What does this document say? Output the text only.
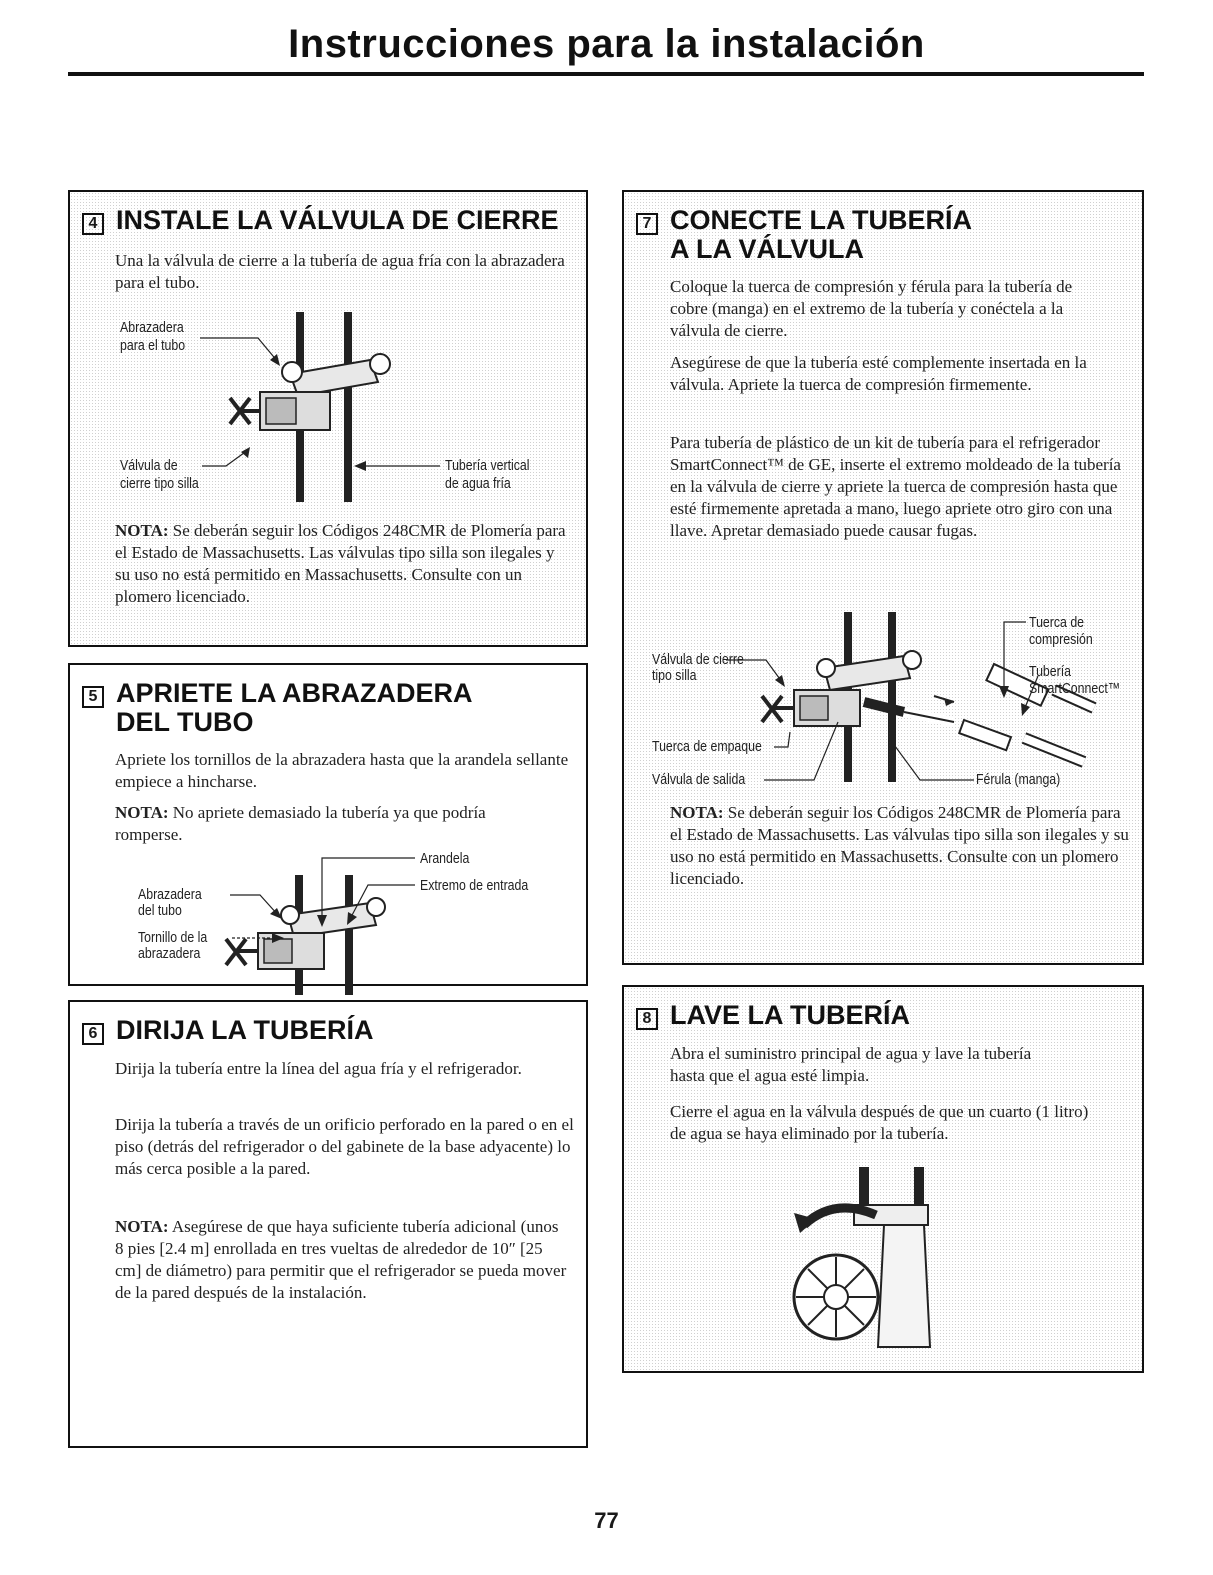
Instrucciones para la instalación
4 INSTALE LA VÁLVULA DE CIERRE

Una la válvula de cierre a la tubería de agua fría con la abrazadera para el tubo.

Abrazadera
para el tubo
Válvula de
cierre tipo silla
Tubería vertical
de agua fría

NOTA: Se deberán seguir los Códigos 248CMR de Plomería para el Estado de Massachusetts. Las válvulas tipo silla son ilegales y su uso no está permitido en Massachusetts. Consulte con un plomero licenciado.

5 APRIETE LA ABRAZADERA
DEL TUBO

Apriete los tornillos de la abrazadera hasta que la arandela sellante empiece a hincharse.

NOTA: No apriete demasiado la tubería ya que podría romperse.

Arandela
Extremo de entrada
Abrazadera
del tubo
Tornillo de la
abrazadera
6 DIRIJA LA TUBERÍA

Dirija la tubería entre la línea del agua fría y el refrigerador.

Dirija la tubería a través de un orificio perforado en la pared o en el piso (detrás del refrigerador o del gabinete de la base adyacente) lo más cerca posible a la pared.

NOTA: Asegúrese de que haya suficiente tubería adicional (unos 8 pies [2.4 m] enrollada en tres vueltas de alrededor de 10″ [25 cm] de diámetro) para permitir que el refrigerador se pueda mover de la pared después de la instalación.

7 CONECTE LA TUBERÍA
A LA VÁLVULA

Coloque la tuerca de compresión y férula para la tubería de cobre (manga) en el extremo de la tubería y conéctela a la válvula de cierre.

Asegúrese de que la tubería esté complemente insertada en la válvula. Apriete la tuerca de compresión firmemente.

Para tubería de plástico de un kit de tubería para el refrigerador SmartConnect™ de GE, inserte el extremo moldeado de la tubería en la válvula de cierre y apriete la tuerca de compresión hasta que esté firmemente apretada a mano, luego apriete otro giro con una llave. Apretar demasiado puede causar fugas.

Tuerca de
compresión
Tubería
SmartConnect™
Válvula de cierre
tipo silla
Tuerca de empaque
Válvula de salida	Férula (manga)

NOTA: Se deberán seguir los Códigos 248CMR de Plomería para el Estado de Massachusetts. Las válvulas tipo silla son ilegales y su uso no está permitido en Massachusetts. Consulte con un plomero licenciado.

8 LAVE LA TUBERÍA

Abra el suministro principal de agua y lave la tubería hasta que el agua esté limpia.

Cierre el agua en la válvula después de que un cuarto (1 litro) de agua se haya eliminado por la tubería.

77
